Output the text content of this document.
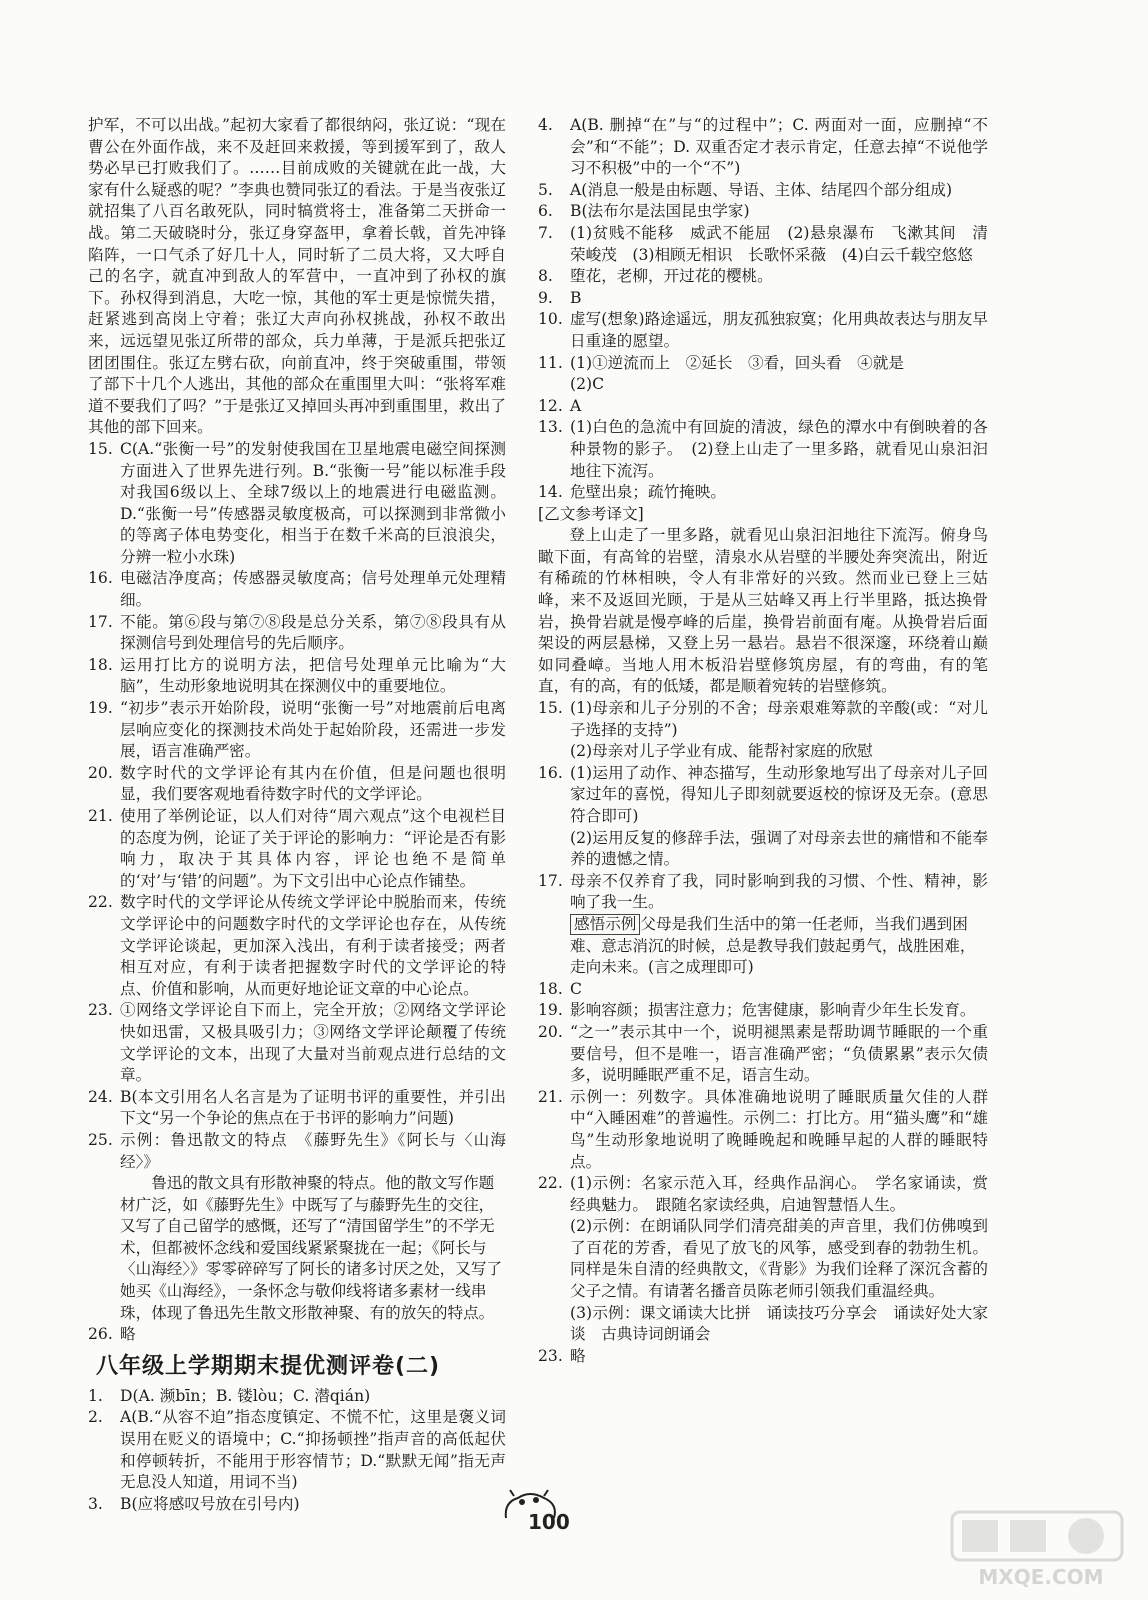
护军，不可以出战。”起初大家看了都很纳闷，张辽说：“现在曹公在外面作战，来不及赶回来救援，等到援军到了，敌人势必早已打败我们了。……目前成败的关键就在此一战，大家有什么疑惑的呢？”李典也赞同张辽的看法。于是当夜张辽就招集了八百名敢死队，同时犒赏将士，准备第二天拼命一战。第二天破晓时分，张辽身穿盔甲，拿着长戟，首先冲锋陷阵，一口气杀了好几十人，同时斩了二员大将，又大呼自己的名字，就直冲到敌人的军营中，一直冲到了孙权的旗下。孙权得到消息，大吃一惊，其他的军士更是惊慌失措，赶紧逃到高岗上守着；张辽大声向孙权挑战，孙权不敢出来，远远望见张辽所带的部众，兵力单薄，于是派兵把张辽团团围住。张辽左劈右砍，向前直冲，终于突破重围，带领了部下十几个人逃出，其他的部众在重围里大叫：“张将军难道不要我们了吗？”于是张辽又掉回头再冲到重围里，救出了其他的部下回来。

15. C(A.“张衡一号”的发射使我国在卫星地震电磁空间探测方面进入了世界先进行列。B.“张衡一号”能以标准手段对我国6级以上、全球7级以上的地震进行电磁监测。D.“张衡一号”传感器灵敏度极高，可以探测到非常微小的等离子体电势变化，相当于在数千米高的巨浪浪尖，分辨一粒小水珠)
16. 电磁洁净度高；传感器灵敏度高；信号处理单元处理精细。
17. 不能。第⑥段与第⑦⑧段是总分关系，第⑦⑧段具有从探测信号到处理信号的先后顺序。
18. 运用打比方的说明方法，把信号处理单元比喻为“大脑”，生动形象地说明其在探测仪中的重要地位。
19. “初步”表示开始阶段，说明“张衡一号”对地震前后电离层响应变化的探测技术尚处于起始阶段，还需进一步发展，语言准确严密。
20. 数字时代的文学评论有其内在价值，但是问题也很明显，我们要客观地看待数字时代的文学评论。
21. 使用了举例论证，以人们对待“周六观点”这个电视栏目的态度为例，论证了关于评论的影响力：“评论是否有影响力，取决于其具体内容，评论也绝不是简单的‘对’与‘错’的问题”。为下文引出中心论点作铺垫。
22. 数字时代的文学评论从传统文学评论中脱胎而来，传统文学评论中的问题数字时代的文学评论也存在，从传统文学评论谈起，更加深入浅出，有利于读者接受；两者相互对应，有利于读者把握数字时代的文学评论的特点、价值和影响，从而更好地论证文章的中心论点。
23. ①网络文学评论自下而上，完全开放；②网络文学评论快如迅雷，又极具吸引力；③网络文学评论颠覆了传统文学评论的文本，出现了大量对当前观点进行总结的文章。
24. B(本文引用名人名言是为了证明书评的重要性，并引出下文“另一个争论的焦点在于书评的影响力”问题)
25. 示例：鲁迅散文的特点　《藤野先生》《阿长与〈山海经〉》

鲁迅的散文具有形散神聚的特点。他的散文写作题材广泛，如《藤野先生》中既写了与藤野先生的交往，又写了自己留学的感慨，还写了“清国留学生”的不学无术，但都被怀念线和爱国线紧紧聚拢在一起；《阿长与〈山海经〉》零零碎碎写了阿长的诸多讨厌之处，又写了她买《山海经》，一条怀念与敬仰线将诸多素材一线串珠，体现了鲁迅先生散文形散神聚、有的放矢的特点。

26. 略
八年级上学期期末提优测评卷(二)
1.	D(A. 濒bīn；B. 镂lòu；C. 潜qián)
2.	A(B.“从容不迫”指态度镇定、不慌不忙，这里是褒义词误用在贬义的语境中；C.“抑扬顿挫”指声音的高低起伏和停顿转折，不能用于形容情节；D.“默默无闻”指无声无息没人知道，用词不当)
3.	B(应将感叹号放在引号内)
4.	A(B. 删掉“在”与“的过程中”；C. 两面对一面，应删掉“不会”和“不能”；D. 双重否定才表示肯定，任意去掉“不说他学习不积极”中的一个“不”)
5.	A(消息一般是由标题、导语、主体、结尾四个部分组成)
6.	B(法布尔是法国昆虫学家)
7.	(1)贫贱不能移　威武不能屈　(2)悬泉瀑布　飞漱其间　清荣峻茂　(3)相顾无相识　长歌怀采薇　(4)白云千载空悠悠
8.	堕花，老柳，开过花的樱桃。
9.	B
10. 虚写(想象)路途遥远，朋友孤独寂寞；化用典故表达与朋友早日重逢的愿望。
11. (1)①逆流而上　②延长　③看，回头看　④就是
(2)C
12. A
13. (1)白色的急流中有回旋的清波，绿色的潭水中有倒映着的各种景物的影子。　(2)登上山走了一里多路，就看见山泉汩汩地往下流泻。
14. 危壁出泉；疏竹掩映。

[乙文参考译文]

登上山走了一里多路，就看见山泉汩汩地往下流泻。俯身鸟瞰下面，有高耸的岩壁，清泉水从岩壁的半腰处奔突流出，附近有稀疏的竹林相映，令人有非常好的兴致。然而业已登上三姑峰，来不及返回光顾，于是从三姑峰又再上行半里路，抵达换骨岩，换骨岩就是慢亭峰的后崖，换骨岩前面有庵。从换骨岩后面架设的两层悬梯，又登上另一悬岩。悬岩不很深邃，环绕着山巅如同叠嶂。当地人用木板沿岩壁修筑房屋，有的弯曲，有的笔直，有的高，有的低矮，都是顺着宛转的岩壁修筑。

15. (1)母亲和儿子分别的不舍；母亲艰难筹款的辛酸(或：“对儿子选择的支持”)
(2)母亲对儿子学业有成、能帮衬家庭的欣慰
16. (1)运用了动作、神态描写，生动形象地写出了母亲对儿子回家过年的喜悦，得知儿子即刻就要返校的惊讶及无奈。(意思符合即可)
(2)运用反复的修辞手法，强调了对母亲去世的痛惜和不能奉养的遗憾之情。
17. 母亲不仅养育了我，同时影响到我的习惯、个性、精神，影响了我一生。

感悟示例 父母是我们生活中的第一任老师，当我们遇到困难、意志消沉的时候，总是教导我们鼓起勇气，战胜困难，走向未来。(言之成理即可)

18. C
19. 影响容颜；损害注意力；危害健康，影响青少年生长发育。
20. “之一”表示其中一个，说明褪黑素是帮助调节睡眠的一个重要信号，但不是唯一，语言准确严密；“负债累累”表示欠债多，说明睡眠严重不足，语言生动。
21. 示例一：列数字。具体准确地说明了睡眠质量欠佳的人群中“入睡困难”的普遍性。示例二：打比方。用“猫头鹰”和“雄鸟”生动形象地说明了晚睡晚起和晚睡早起的人群的睡眠特点。
22. (1)示例：名家示范入耳，经典作品润心。　学名家诵读，赏经典魅力。　跟随名家读经典，启迪智慧悟人生。
(2)示例：在朗诵队同学们清亮甜美的声音里，我们仿佛嗅到了百花的芳香，看见了放飞的风筝，感受到春的勃勃生机。同样是朱自清的经典散文，《背影》为我们诠释了深沉含蓄的父子之情。有请著名播音员陈老师引领我们重温经典。
(3)示例：课文诵读大比拼　诵读技巧分享会　诵读好处大家谈　古典诗词朗诵会
23. 略
100
MXQE.COM
